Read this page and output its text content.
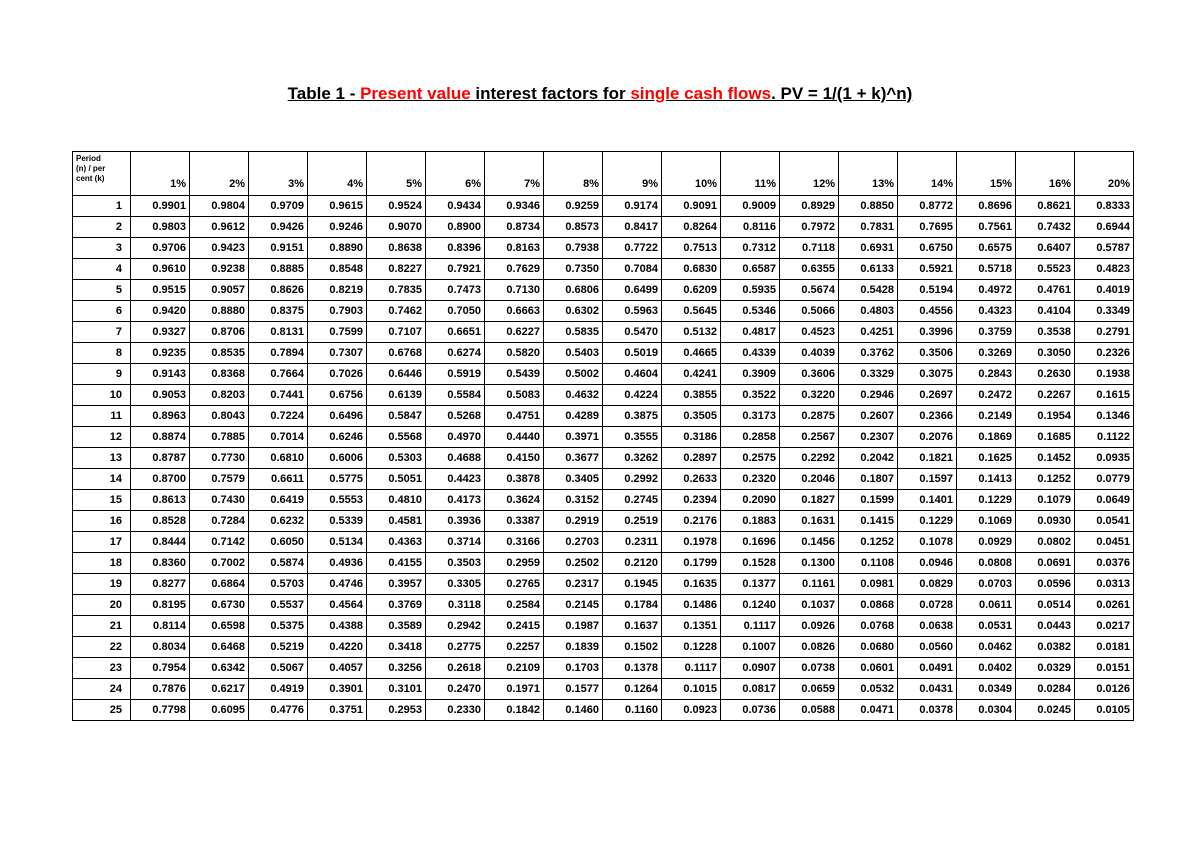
Table 1 - Present value interest factors for single cash flows. PV = 1/(1 + k)^n)
Period
(n) / per
cent (k)	1%	2%	3%	4%	5%	6%	7%	8%	9%	10%	11%	12%	13%	14%	15%	16%	20%
1	0.9901	0.9804	0.9709	0.9615	0.9524	0.9434	0.9346	0.9259	0.9174	0.9091	0.9009	0.8929	0.8850	0.8772	0.8696	0.8621	0.8333
2	0.9803	0.9612	0.9426	0.9246	0.9070	0.8900	0.8734	0.8573	0.8417	0.8264	0.8116	0.7972	0.7831	0.7695	0.7561	0.7432	0.6944
3	0.9706	0.9423	0.9151	0.8890	0.8638	0.8396	0.8163	0.7938	0.7722	0.7513	0.7312	0.7118	0.6931	0.6750	0.6575	0.6407	0.5787
4	0.9610	0.9238	0.8885	0.8548	0.8227	0.7921	0.7629	0.7350	0.7084	0.6830	0.6587	0.6355	0.6133	0.5921	0.5718	0.5523	0.4823
5	0.9515	0.9057	0.8626	0.8219	0.7835	0.7473	0.7130	0.6806	0.6499	0.6209	0.5935	0.5674	0.5428	0.5194	0.4972	0.4761	0.4019
6	0.9420	0.8880	0.8375	0.7903	0.7462	0.7050	0.6663	0.6302	0.5963	0.5645	0.5346	0.5066	0.4803	0.4556	0.4323	0.4104	0.3349
7	0.9327	0.8706	0.8131	0.7599	0.7107	0.6651	0.6227	0.5835	0.5470	0.5132	0.4817	0.4523	0.4251	0.3996	0.3759	0.3538	0.2791
8	0.9235	0.8535	0.7894	0.7307	0.6768	0.6274	0.5820	0.5403	0.5019	0.4665	0.4339	0.4039	0.3762	0.3506	0.3269	0.3050	0.2326
9	0.9143	0.8368	0.7664	0.7026	0.6446	0.5919	0.5439	0.5002	0.4604	0.4241	0.3909	0.3606	0.3329	0.3075	0.2843	0.2630	0.1938
10	0.9053	0.8203	0.7441	0.6756	0.6139	0.5584	0.5083	0.4632	0.4224	0.3855	0.3522	0.3220	0.2946	0.2697	0.2472	0.2267	0.1615
11	0.8963	0.8043	0.7224	0.6496	0.5847	0.5268	0.4751	0.4289	0.3875	0.3505	0.3173	0.2875	0.2607	0.2366	0.2149	0.1954	0.1346
12	0.8874	0.7885	0.7014	0.6246	0.5568	0.4970	0.4440	0.3971	0.3555	0.3186	0.2858	0.2567	0.2307	0.2076	0.1869	0.1685	0.1122
13	0.8787	0.7730	0.6810	0.6006	0.5303	0.4688	0.4150	0.3677	0.3262	0.2897	0.2575	0.2292	0.2042	0.1821	0.1625	0.1452	0.0935
14	0.8700	0.7579	0.6611	0.5775	0.5051	0.4423	0.3878	0.3405	0.2992	0.2633	0.2320	0.2046	0.1807	0.1597	0.1413	0.1252	0.0779
15	0.8613	0.7430	0.6419	0.5553	0.4810	0.4173	0.3624	0.3152	0.2745	0.2394	0.2090	0.1827	0.1599	0.1401	0.1229	0.1079	0.0649
16	0.8528	0.7284	0.6232	0.5339	0.4581	0.3936	0.3387	0.2919	0.2519	0.2176	0.1883	0.1631	0.1415	0.1229	0.1069	0.0930	0.0541
17	0.8444	0.7142	0.6050	0.5134	0.4363	0.3714	0.3166	0.2703	0.2311	0.1978	0.1696	0.1456	0.1252	0.1078	0.0929	0.0802	0.0451
18	0.8360	0.7002	0.5874	0.4936	0.4155	0.3503	0.2959	0.2502	0.2120	0.1799	0.1528	0.1300	0.1108	0.0946	0.0808	0.0691	0.0376
19	0.8277	0.6864	0.5703	0.4746	0.3957	0.3305	0.2765	0.2317	0.1945	0.1635	0.1377	0.1161	0.0981	0.0829	0.0703	0.0596	0.0313
20	0.8195	0.6730	0.5537	0.4564	0.3769	0.3118	0.2584	0.2145	0.1784	0.1486	0.1240	0.1037	0.0868	0.0728	0.0611	0.0514	0.0261
21	0.8114	0.6598	0.5375	0.4388	0.3589	0.2942	0.2415	0.1987	0.1637	0.1351	0.1117	0.0926	0.0768	0.0638	0.0531	0.0443	0.0217
22	0.8034	0.6468	0.5219	0.4220	0.3418	0.2775	0.2257	0.1839	0.1502	0.1228	0.1007	0.0826	0.0680	0.0560	0.0462	0.0382	0.0181
23	0.7954	0.6342	0.5067	0.4057	0.3256	0.2618	0.2109	0.1703	0.1378	0.1117	0.0907	0.0738	0.0601	0.0491	0.0402	0.0329	0.0151
24	0.7876	0.6217	0.4919	0.3901	0.3101	0.2470	0.1971	0.1577	0.1264	0.1015	0.0817	0.0659	0.0532	0.0431	0.0349	0.0284	0.0126
25	0.7798	0.6095	0.4776	0.3751	0.2953	0.2330	0.1842	0.1460	0.1160	0.0923	0.0736	0.0588	0.0471	0.0378	0.0304	0.0245	0.0105
